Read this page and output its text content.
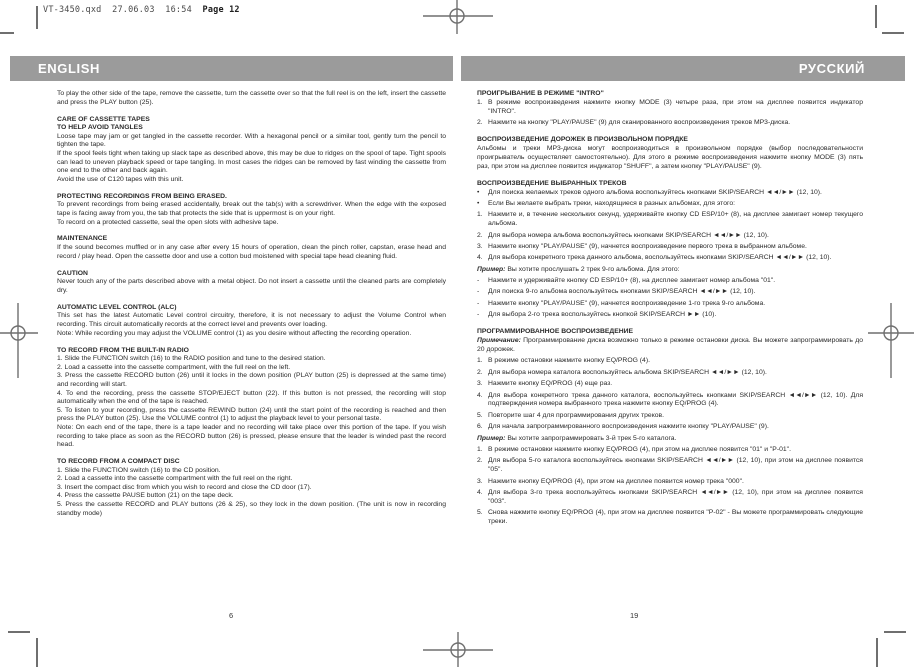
VT-3450.qxd  27.06.03  16:54  Page 12
ENGLISH	РУССКИЙ

To play the other side of the tape, remove the cassette, turn the cassette over so that the full reel is on the left, insert the cassette and press the PLAY button (25).

CARE OF CASSETTE TAPES
TO HELP AVOID TANGLES

Loose tape may jam or get tangled in the cassette recorder. With a hexagonal pencil or a similar tool, gently turn the pencil to tighten the tape.

If the spool feels tight when taking up slack tape as described above, this may be due to ridges on the spool of tape. Tight spools can lead to uneven playback speed or tape tangling. In most cases the ridges can be removed by fast winding the cassette from one end to the other and back again.

Avoid the use of C120 tapes with this unit.

PROTECTING RECORDINGS FROM BEING ERASED.

To prevent recordings from being erased accidentally, break out the tab(s) with a screwdriver. When the edge with the exposed tape is facing away from you, the tab that protects the side that is uppermost is on your right.

To record on a protected cassette, seal the open slots with adhesive tape.

MAINTENANCE

If the sound becomes muffled or in any case after every 15 hours of operation, clean the pinch roller, capstan, erase head and record / play head. Open the cassette door and use a cotton bud moistened with special tape head cleaning fluid.

CAUTION

Never touch any of the parts described above with a metal object. Do not insert a cassette until the cleaned parts are completely dry.

AUTOMATIC LEVEL CONTROL (ALC)

This set has the latest Automatic Level control circuitry, therefore, it is not necessary to adjust the Volume Control when recording. This circuit automatically records at the correct level and prevents over loading.

Note: While recording you may adjust the VOLUME control (1) as you desire without affecting the recording operation.

TO RECORD FROM THE BUILT-IN RADIO

1. Slide the FUNCTION switch (16) to the RADIO position and tune to the desired station.

2. Load a cassette into the cassette compartment, with the full reel on the left.

3. Press the cassette RECORD button (26) until it locks in the down position (PLAY button (25) is depressed at the same time) and recording will start.

4. To end the recording, press the cassette STOP/EJECT button (22). If this button is not pressed, the recording will stop automatically when the end of the tape is reached.

5. To listen to your recording, press the cassette REWIND button (24) until the start point of the recording is reached and then press the PLAY button (25). Use the VOLUME control (1) to adjust the playback level to your personal taste.

Note: On each end of the tape, there is a tape leader and no recording will take place over this portion of the tape. If you wish recording to take place as soon as the RECORD button (26) is pressed, please ensure that the leader is winded past the record head.

TO RECORD FROM A COMPACT DISC

1. Slide the FUNCTION switch (16) to the CD position.

2. Load a cassette into the cassette compartment with the full reel on the right.

3. Insert the compact disc from which you wish to record and close the CD door (17).

4. Press the cassette PAUSE button (21) on the tape deck.

5. Press the cassette RECORD and PLAY buttons (26 & 25), so they lock in the down position. (The unit is now in recording standby mode)

ПРОИГРЫВАНИЕ В РЕЖИМЕ "INTRO"

1. В режиме воспроизведения нажмите кнопку MODE (3) четыре раза, при этом на дисплее появится индикатор "INTRO".

2. Нажмите на кнопку "PLAY/PAUSE" (9) для сканированного воспроизведения треков MP3-диска.

ВОСПРОИЗВЕДЕНИЕ ДОРОЖЕК В ПРОИЗВОЛЬНОМ ПОРЯДКЕ

Альбомы и треки MP3-диска могут воспроизводиться в произвольном порядке (выбор последовательности проигрыватель осуществляет самостоятельно). Для этого в режиме воспроизведения нажмите кнопку MODE (3) пять раз, при этом на дисплее появится индикатор "SHUFF", а затем кнопку "PLAY/PAUSE" (9).

ВОСПРОИЗВЕДЕНИЕ ВЫБРАННЫХ ТРЕКОВ

• Для поиска желаемых треков одного альбома воспользуйтесь кнопками SKIP/SEARCH ◄◄/►► (12, 10).

• Если Вы желаете выбрать треки, находящиеся в разных альбомах, для этого:

1. Нажмите и, в течение нескольких секунд, удерживайте кнопку CD ESP/10+ (8), на дисплее замигает номер текущего альбома.

2. Для выбора номера альбома воспользуйтесь кнопками SKIP/SEARCH ◄◄/►► (12, 10).

3. Нажмите кнопку "PLAY/PAUSE" (9), начнется воспроизведение первого трека в выбранном альбоме.

4. Для выбора конкретного трека данного альбома, воспользуйтесь кнопками SKIP/SEARCH ◄◄/►► (12, 10).

Пример: Вы хотите прослушать 2 трек 9-го альбома. Для этого:

- Нажмите и удерживайте кнопку CD ESP/10+ (8), на дисплее замигает номер альбома "01".

- Для поиска 9-го альбома воспользуйтесь кнопками SKIP/SEARCH ◄◄/►► (12, 10).

- Нажмите кнопку "PLAY/PAUSE" (9), начнется воспроизведение 1-го трека 9-го альбома.

- Для выбора 2-го трека воспользуйтесь кнопкой SKIP/SEARCH ►► (10).

ПРОГРАММИРОВАННОЕ ВОСПРОИЗВЕДЕНИЕ

Примечание: Программирование диска возможно только в режиме остановки диска. Вы можете запрограммировать до 20 дорожек.

1. В режиме остановки нажмите кнопку EQ/PROG (4).

2. Для выбора номера каталога воспользуйтесь альбома SKIP/SEARCH ◄◄/►► (12, 10).

3. Нажмите кнопку EQ/PROG (4) еще раз.

4. Для выбора конкретного трека данного каталога, воспользуйтесь кнопками SKIP/SEARCH ◄◄/►► (12, 10). Для подтверждения номера выбранного трека нажмите кнопку EQ/PROG (4).

5. Повторите шаг 4 для программирования других треков.

6. Для начала запрограммированного воспроизведения нажмите кнопку "PLAY/PAUSE" (9).

Пример: Вы хотите запрограммировать 3-й трек 5-го каталога.

1. В режиме остановки нажмите кнопку EQ/PROG (4), при этом на дисплее появится "01" и "P-01".

2. Для выбора 5-го каталога воспользуйтесь кнопками SKIP/SEARCH ◄◄/►► (12, 10), при этом на дисплее появится "05".

3. Нажмите кнопку EQ/PROG (4), при этом на дисплее появится номер трека "000".

4. Для выбора 3-го трека воспользуйтесь кнопками SKIP/SEARCH ◄◄/►► (12, 10), при этом на дисплее появится "003".

5. Снова нажмите кнопку EQ/PROG (4), при этом на дисплее появится "P-02" - Вы можете программировать следующие треки.

6	19
